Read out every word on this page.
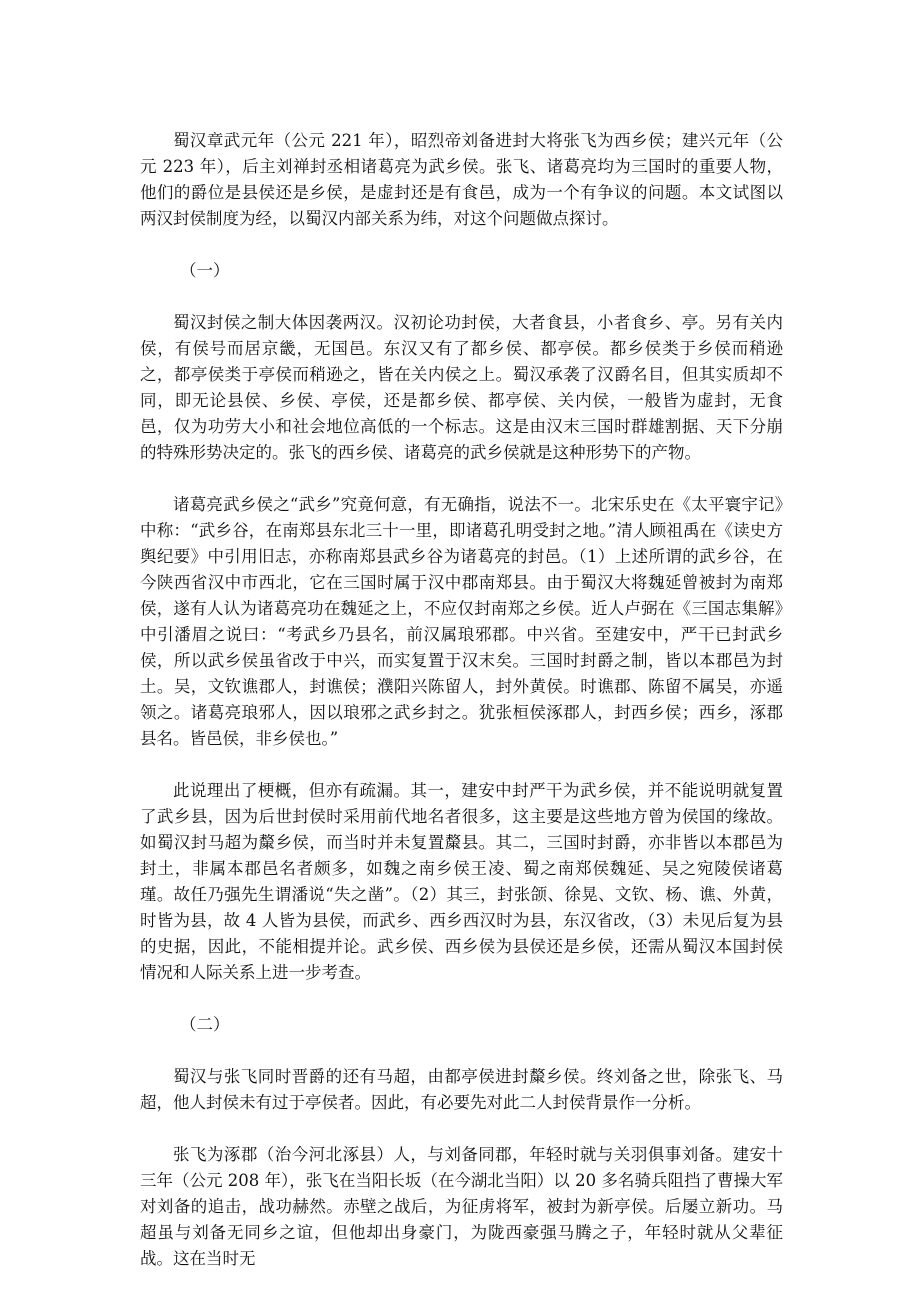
蜀汉章武元年（公元 221 年），昭烈帝刘备进封大将张飞为西乡侯；建兴元年（公元 223 年），后主刘禅封丞相诸葛亮为武乡侯。张飞、诸葛亮均为三国时的重要人物，他们的爵位是县侯还是乡侯，是虚封还是有食邑，成为一个有争议的问题。本文试图以两汉封侯制度为经，以蜀汉内部关系为纬，对这个问题做点探讨。

（一）

蜀汉封侯之制大体因袭两汉。汉初论功封侯，大者食县，小者食乡、亭。另有关内侯，有侯号而居京畿，无国邑。东汉又有了都乡侯、都亭侯。都乡侯类于乡侯而稍逊之，都亭侯类于亭侯而稍逊之，皆在关内侯之上。蜀汉承袭了汉爵名目，但其实质却不同，即无论县侯、乡侯、亭侯，还是都乡侯、都亭侯、关内侯，一般皆为虚封，无食邑，仅为功劳大小和社会地位高低的一个标志。这是由汉末三国时群雄割据、天下分崩的特殊形势决定的。张飞的西乡侯、诸葛亮的武乡侯就是这种形势下的产物。

诸葛亮武乡侯之“武乡”究竟何意，有无确指，说法不一。北宋乐史在《太平寰宇记》中称：“武乡谷，在南郑县东北三十一里，即诸葛孔明受封之地。”清人顾祖禹在《读史方舆纪要》中引用旧志，亦称南郑县武乡谷为诸葛亮的封邑。（1）上述所谓的武乡谷，在今陕西省汉中市西北，它在三国时属于汉中郡南郑县。由于蜀汉大将魏延曾被封为南郑侯，遂有人认为诸葛亮功在魏延之上，不应仅封南郑之乡侯。近人卢弼在《三国志集解》中引潘眉之说曰：“考武乡乃县名，前汉属琅邪郡。中兴省。至建安中，严干已封武乡侯，所以武乡侯虽省改于中兴，而实复置于汉末矣。三国时封爵之制，皆以本郡邑为封土。吴，文钦谯郡人，封谯侯；濮阳兴陈留人，封外黄侯。时谯郡、陈留不属吴，亦遥领之。诸葛亮琅邪人，因以琅邪之武乡封之。犹张桓侯涿郡人，封西乡侯；西乡，涿郡县名。皆邑侯，非乡侯也。”

此说理出了梗概，但亦有疏漏。其一，建安中封严干为武乡侯，并不能说明就复置了武乡县，因为后世封侯时采用前代地名者很多，这主要是这些地方曾为侯国的缘故。如蜀汉封马超为斄乡侯，而当时并未复置斄县。其二，三国时封爵，亦非皆以本郡邑为封土，非属本郡邑名者颇多，如魏之南乡侯王凌、蜀之南郑侯魏延、吴之宛陵侯诸葛瑾。故任乃强先生谓潘说“失之凿”。（2）其三，封张颌、徐晃、文钦、杨、谯、外黄，时皆为县，故 4 人皆为县侯，而武乡、西乡西汉时为县，东汉省改，（3）未见后复为县的史据，因此，不能相提并论。武乡侯、西乡侯为县侯还是乡侯，还需从蜀汉本国封侯情况和人际关系上进一步考查。

（二）

蜀汉与张飞同时晋爵的还有马超，由都亭侯进封斄乡侯。终刘备之世，除张飞、马超，他人封侯未有过于亭侯者。因此，有必要先对此二人封侯背景作一分析。

张飞为涿郡（治今河北涿县）人，与刘备同郡，年轻时就与关羽俱事刘备。建安十三年（公元 208 年），张飞在当阳长坂（在今湖北当阳）以 20 多名骑兵阻挡了曹操大军对刘备的追击，战功赫然。赤壁之战后，为征虏将军，被封为新亭侯。后屡立新功。马超虽与刘备无同乡之谊，但他却出身豪门，为陇西豪强马腾之子，年轻时就从父辈征战。这在当时无
